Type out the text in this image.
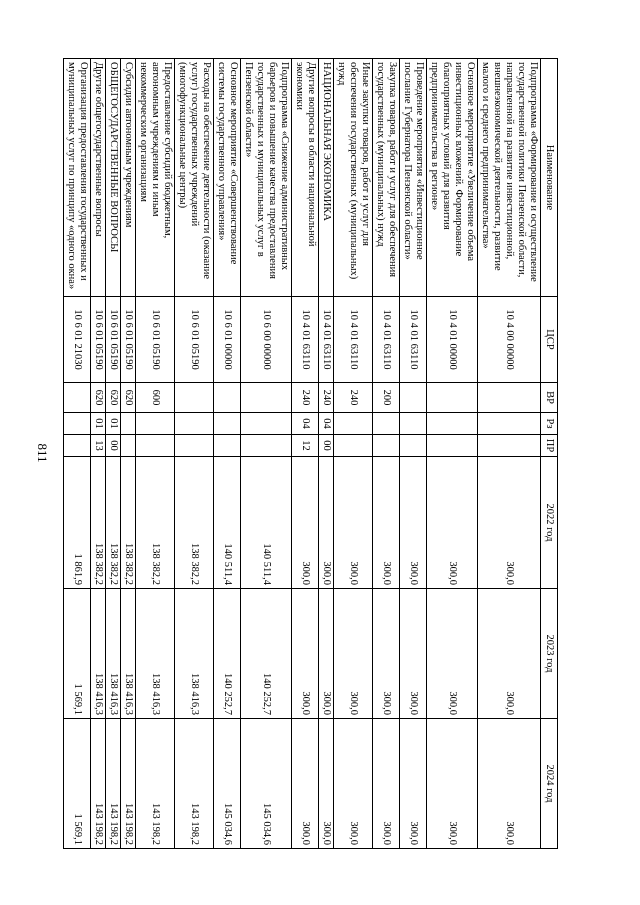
811
Наименование	ЦСР	ВР	Рз	ПР	2022 год	2023 год	2024 год
Подпрограмма «Формирование и осуществление государственной политики Пензенской области, направленной на развитие инвестиционной, внешнеэкономической деятельности, развитие малого и среднего предпринимательства»	10 4 00 00000				300,0	300,0	300,0
Основное мероприятие «Увеличение объема инвестиционных вложений. Формирование благоприятных условий для развития предпринимательства в регионе»	10 4 01 00000				300,0	300,0	300,0
Проведение мероприятия «Инвестиционное послание Губернатора Пензенской области»	10 4 01 63110				300,0	300,0	300,0
Закупка товаров, работ и услуг для обеспечения государственных (муниципальных) нужд	10 4 01 63110	200			300,0	300,0	300,0
Иные закупки товаров, работ и услуг для обеспечения государственных (муниципальных) нужд	10 4 01 63110	240			300,0	300,0	300,0
НАЦИОНАЛЬНАЯ ЭКОНОМИКА	10 4 01 63110	240	04	00	300,0	300,0	300,0
Другие вопросы в области национальной экономики	10 4 01 63110	240	04	12	300,0	300,0	300,0
Подпрограмма «Снижение административных барьеров и повышение качества предоставления государственных и муниципальных услуг в Пензенской области»	10 6 00 00000				140 511,4	140 252,7	145 034,6
Основное мероприятие «Совершенствование системы государственного управления»	10 6 01 00000				140 511,4	140 252,7	145 034,6
Расходы на обеспечение деятельности (оказание услуг) государственных учреждений (многофункциональные центры)	10 6 01 05190				138 382,2	138 416,3	143 198,2
Предоставление субсидий бюджетным, автономным учреждениям и иным некоммерческим организациям	10 6 01 05190	600			138 382,2	138 416,3	143 198,2
Субсидии автономным учреждениям	10 6 01 05190	620			138 382,2	138 416,3	143 198,2
ОБЩЕГОСУДАРСТВЕННЫЕ ВОПРОСЫ	10 6 01 05190	620	01	00	138 382,2	138 416,3	143 198,2
Другие общегосударственные вопросы	10 6 01 05190	620	01	13	138 382,2	138 416,3	143 198,2
Организация предоставления государственных и муниципальных услуг по принципу «одного окна»	10 6 01 21030				1 861,9	1 569,1	1 569,1
